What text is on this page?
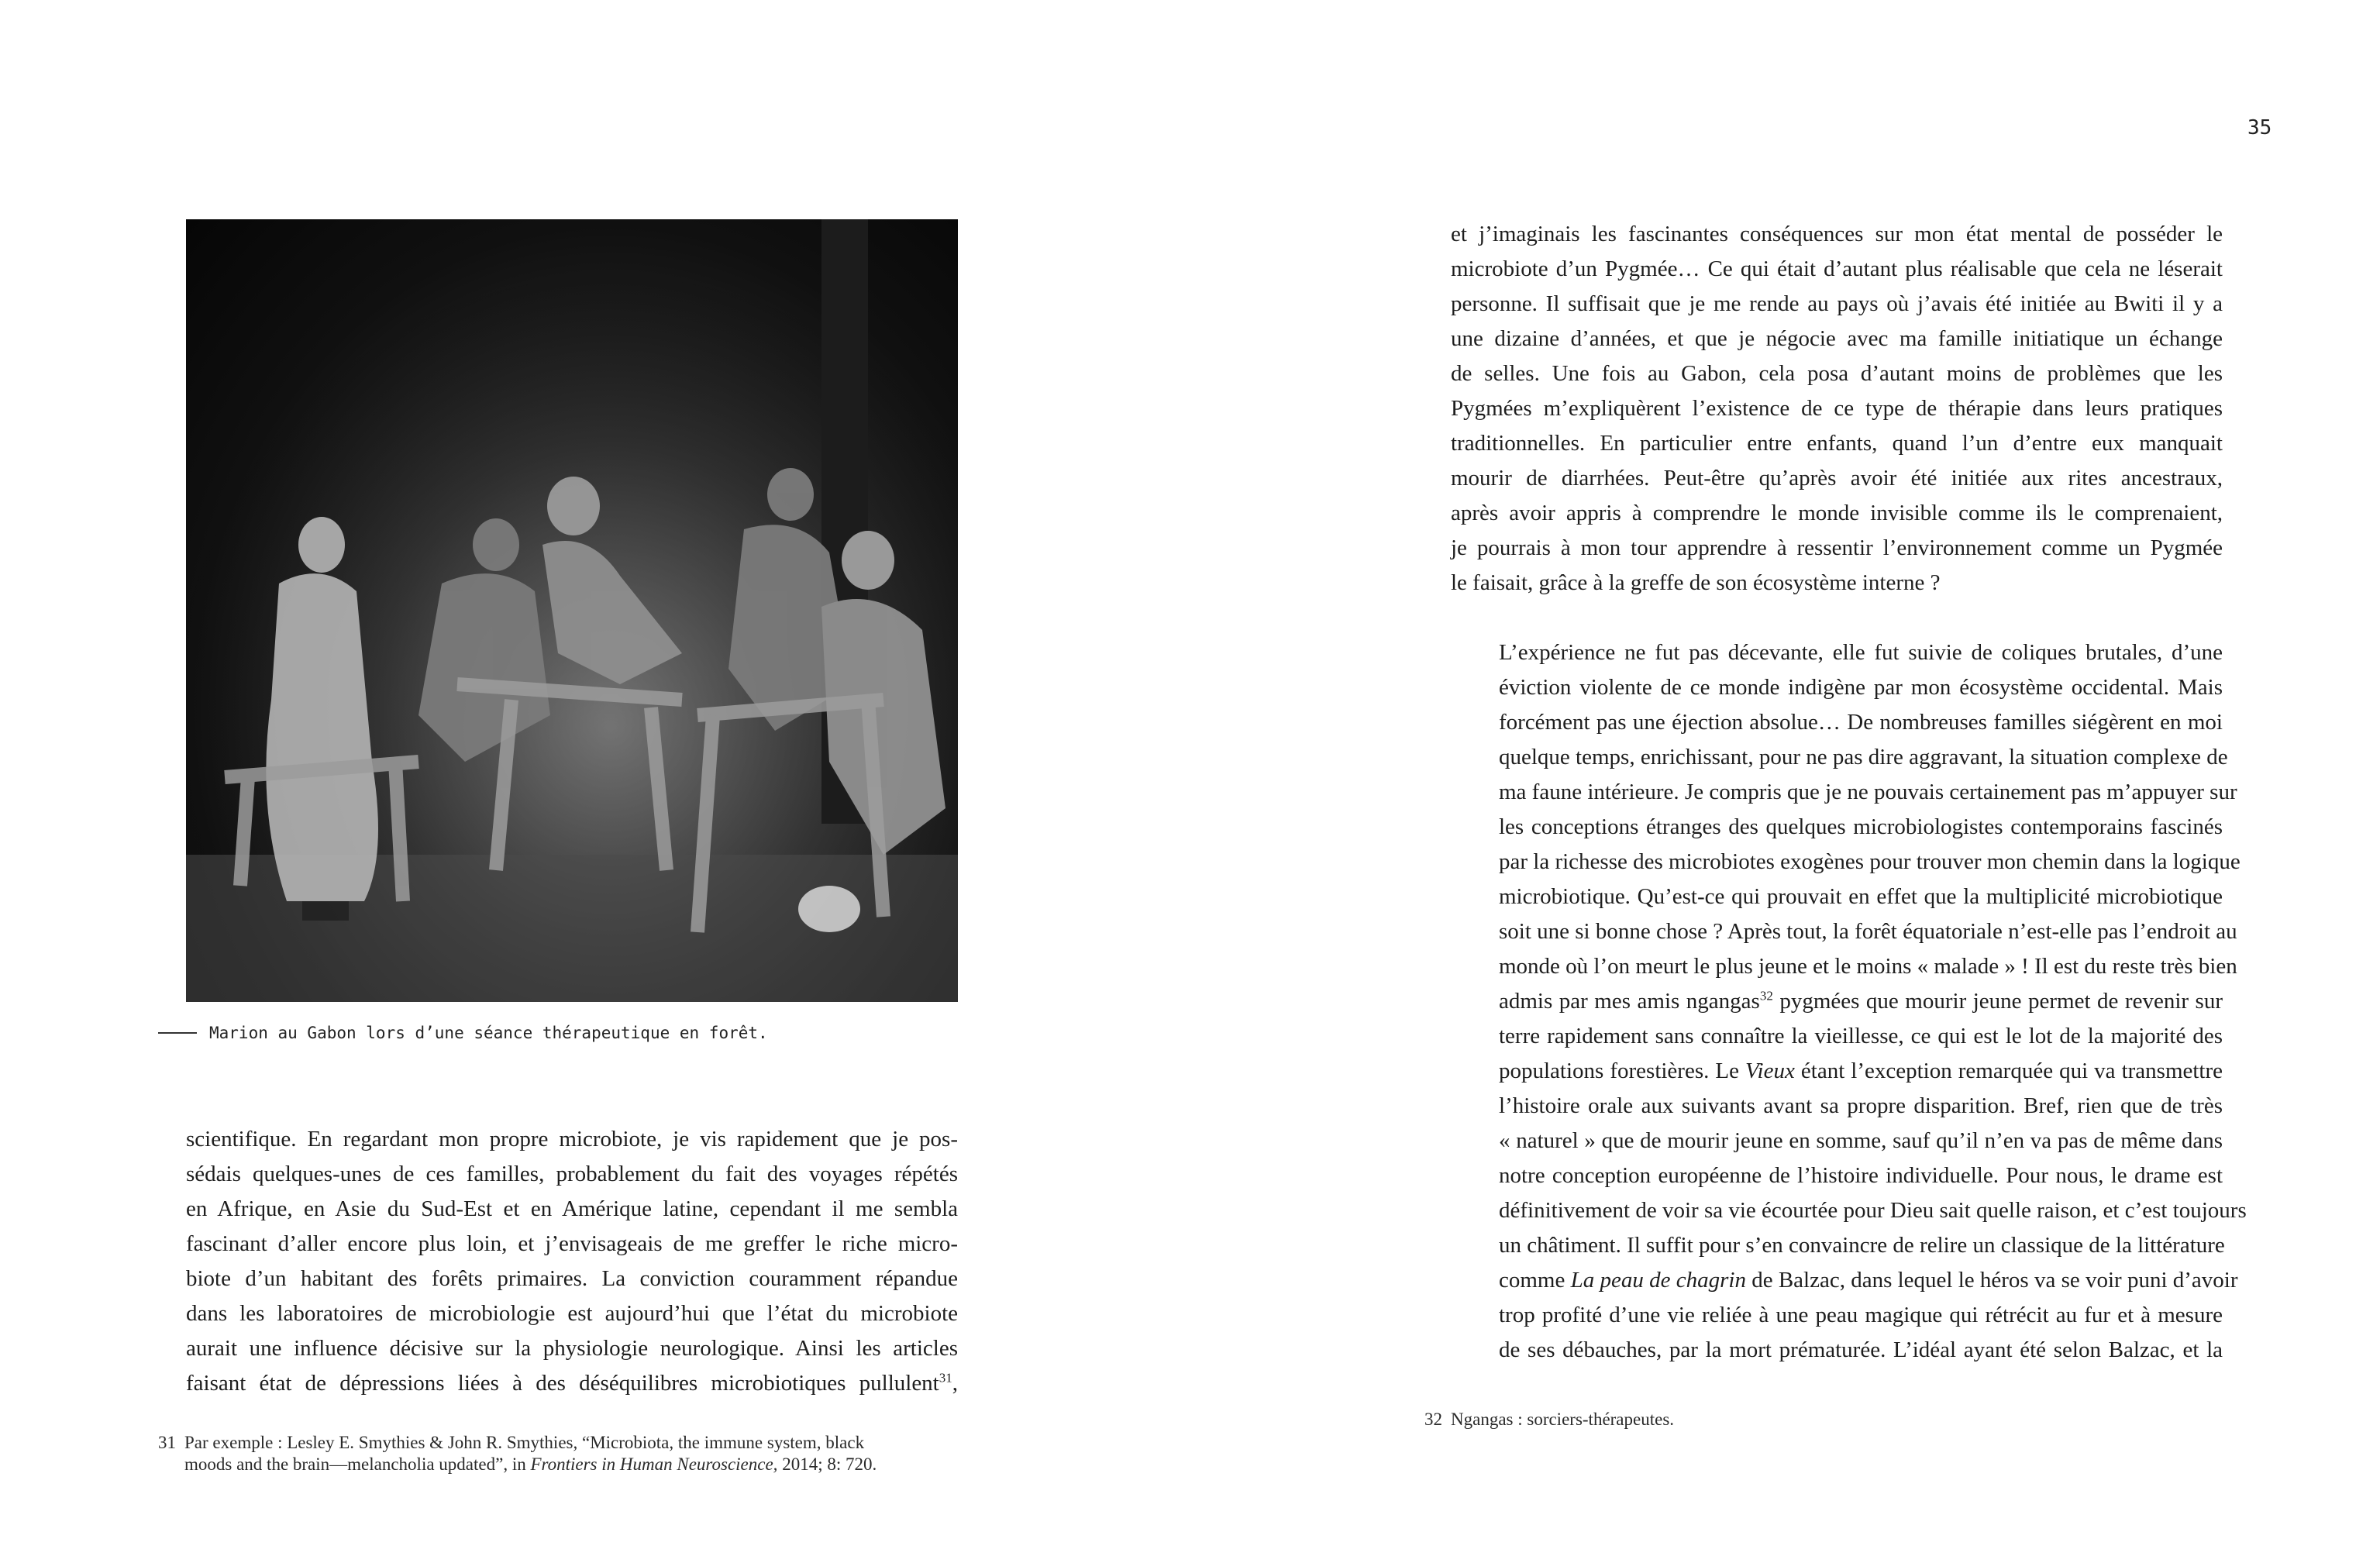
35
Marion au Gabon lors d’une séance thérapeutique en forêt.
scientifique. En regardant mon propre microbiote, je vis rapidement que je pos-
sédais quelques-unes de ces familles, probablement du fait des voyages répétés
en Afrique, en Asie du Sud-Est et en Amérique latine, cependant il me sembla
fascinant d’aller encore plus loin, et j’envisageais de me greffer le riche micro-
biote d’un habitant des forêts primaires. La conviction couramment répandue
dans les laboratoires de microbiologie est aujourd’hui que l’état du microbiote
aurait une influence décisive sur la physiologie neurologique. Ainsi les articles
faisant état de dépressions liées à des déséquilibres microbiotiques pullulent$^{31}$,
31 Par exemple : Lesley E. Smythies & John R. Smythies, “Microbiota, the immune system, black
moods and the brain—melancholia updated”, in Frontiers in Human Neuroscience, 2014; 8: 720.

et j’imaginais les fascinantes conséquences sur mon état mental de posséder le
microbiote d’un Pygmée… Ce qui était d’autant plus réalisable que cela ne léserait
personne. Il suffisait que je me rende au pays où j’avais été initiée au Bwiti il y a
une dizaine d’années, et que je négocie avec ma famille initiatique un échange
de selles. Une fois au Gabon, cela posa d’autant moins de problèmes que les
Pygmées m’expliquèrent l’existence de ce type de thérapie dans leurs pratiques
traditionnelles. En particulier entre enfants, quand l’un d’entre eux manquait
mourir de diarrhées. Peut-être qu’après avoir été initiée aux rites ancestraux,
après avoir appris à comprendre le monde invisible comme ils le comprenaient,
je pourrais à mon tour apprendre à ressentir l’environnement comme un Pygmée
le faisait, grâce à la greffe de son écosystème interne ?

L’expérience ne fut pas décevante, elle fut suivie de coliques brutales, d’une
éviction violente de ce monde indigène par mon écosystème occidental. Mais
forcément pas une éjection absolue… De nombreuses familles siégèrent en moi
quelque temps, enrichissant, pour ne pas dire aggravant, la situation complexe de
ma faune intérieure. Je compris que je ne pouvais certainement pas m’appuyer sur
les conceptions étranges des quelques microbiologistes contemporains fascinés
par la richesse des microbiotes exogènes pour trouver mon chemin dans la logique
microbiotique. Qu’est-ce qui prouvait en effet que la multiplicité microbiotique
soit une si bonne chose ? Après tout, la forêt équatoriale n’est-elle pas l’endroit au
monde où l’on meurt le plus jeune et le moins « malade » ! Il est du reste très bien
admis par mes amis ngangas$^{32}$ pygmées que mourir jeune permet de revenir sur
terre rapidement sans connaître la vieillesse, ce qui est le lot de la majorité des
populations forestières. Le Vieux étant l’exception remarquée qui va transmettre
l’histoire orale aux suivants avant sa propre disparition. Bref, rien que de très
« naturel » que de mourir jeune en somme, sauf qu’il n’en va pas de même dans
notre conception européenne de l’histoire individuelle. Pour nous, le drame est
définitivement de voir sa vie écourtée pour Dieu sait quelle raison, et c’est toujours
un châtiment. Il suffit pour s’en convaincre de relire un classique de la littérature
comme La peau de chagrin de Balzac, dans lequel le héros va se voir puni d’avoir
trop profité d’une vie reliée à une peau magique qui rétrécit au fur et à mesure
de ses débauches, par la mort prématurée. L’idéal ayant été selon Balzac, et la

32 Ngangas : sorciers-thérapeutes.
